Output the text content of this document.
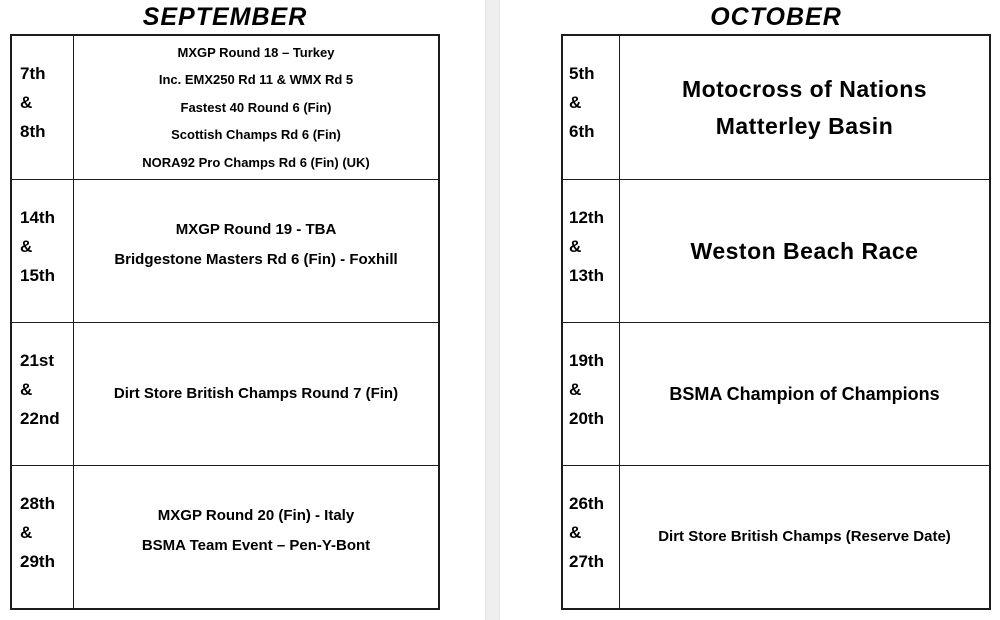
SEPTEMBER
7th
&
8th
MXGP Round 18 – Turkey
Inc. EMX250 Rd 11 & WMX Rd 5
Fastest 40 Round 6 (Fin)
Scottish Champs Rd 6 (Fin)
NORA92 Pro Champs Rd 6 (Fin) (UK)
14th
&
15th
MXGP Round 19 - TBA
Bridgestone Masters Rd 6 (Fin) - Foxhill
21st
&
22nd
Dirt Store British Champs Round 7 (Fin)
28th
&
29th
MXGP Round 20 (Fin) - Italy
BSMA Team Event – Pen-Y-Bont
OCTOBER
5th
&
6th
Motocross of Nations
Matterley Basin
12th
&
13th
Weston Beach Race
19th
&
20th
BSMA Champion of Champions
26th
&
27th
Dirt Store British Champs (Reserve Date)
